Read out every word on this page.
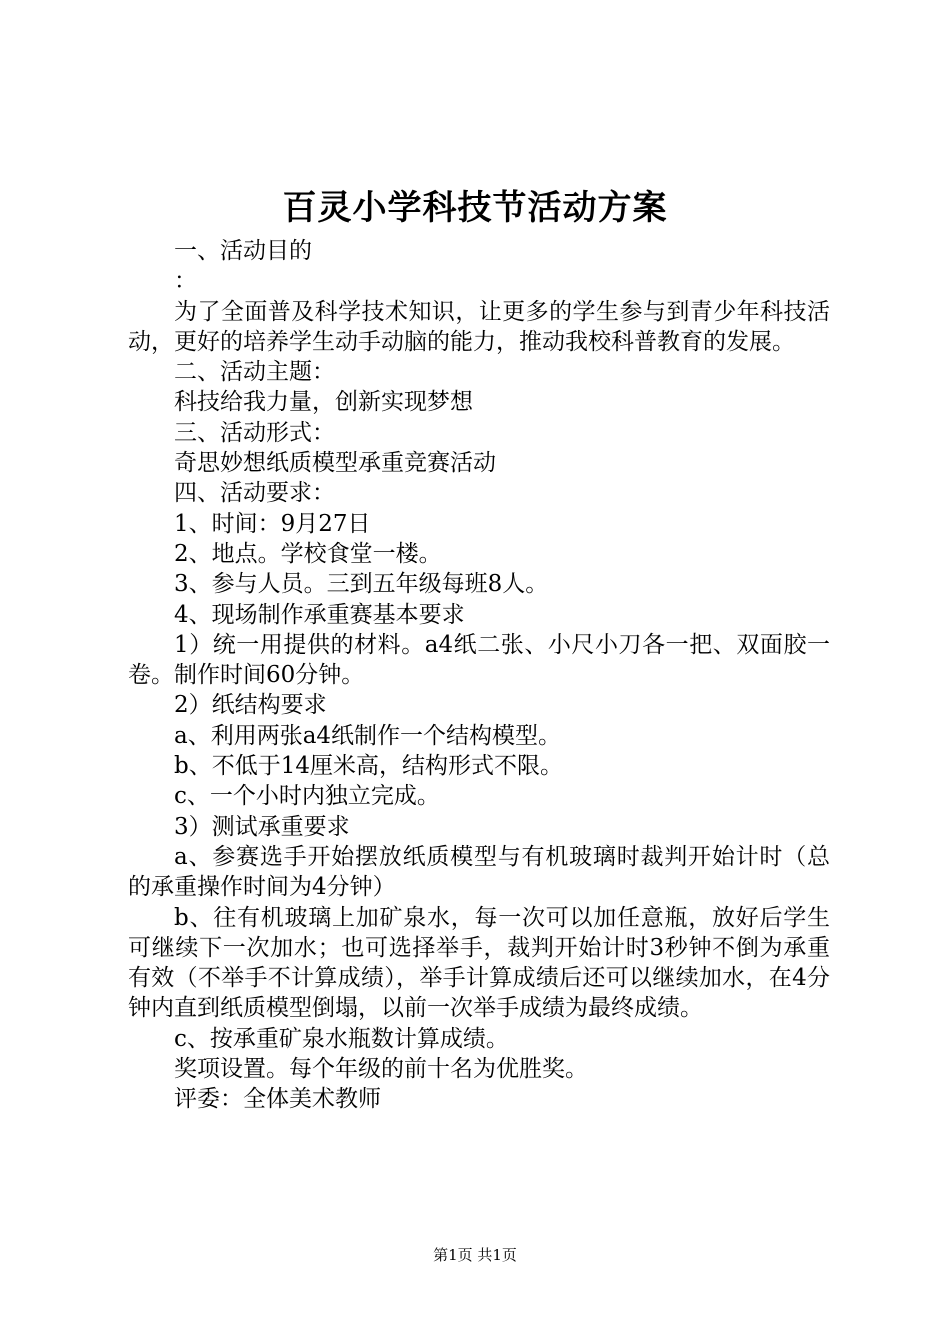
百灵小学科技节活动方案

一、活动目的

：

为了全面普及科学技术知识，让更多的学生参与到青少年科技活动，更好的培养学生动手动脑的能力，推动我校科普教育的发展。

二、活动主题：

科技给我力量，创新实现梦想

三、活动形式：

奇思妙想纸质模型承重竞赛活动

四、活动要求：

1、时间：9月27日

2、地点。学校食堂一楼。

3、参与人员。三到五年级每班8人。

4、现场制作承重赛基本要求

1）统一用提供的材料。a4纸二张、小尺小刀各一把、双面胶一卷。制作时间60分钟。

2）纸结构要求

a、利用两张a4纸制作一个结构模型。

b、不低于14厘米高，结构形式不限。

c、一个小时内独立完成。

3）测试承重要求

a、参赛选手开始摆放纸质模型与有机玻璃时裁判开始计时（总的承重操作时间为4分钟）

b、往有机玻璃上加矿泉水，每一次可以加任意瓶，放好后学生可继续下一次加水；也可选择举手，裁判开始计时3秒钟不倒为承重有效（不举手不计算成绩），举手计算成绩后还可以继续加水，在4分钟内直到纸质模型倒塌，以前一次举手成绩为最终成绩。

c、按承重矿泉水瓶数计算成绩。

奖项设置。每个年级的前十名为优胜奖。

评委：全体美术教师

第1页 共1页
